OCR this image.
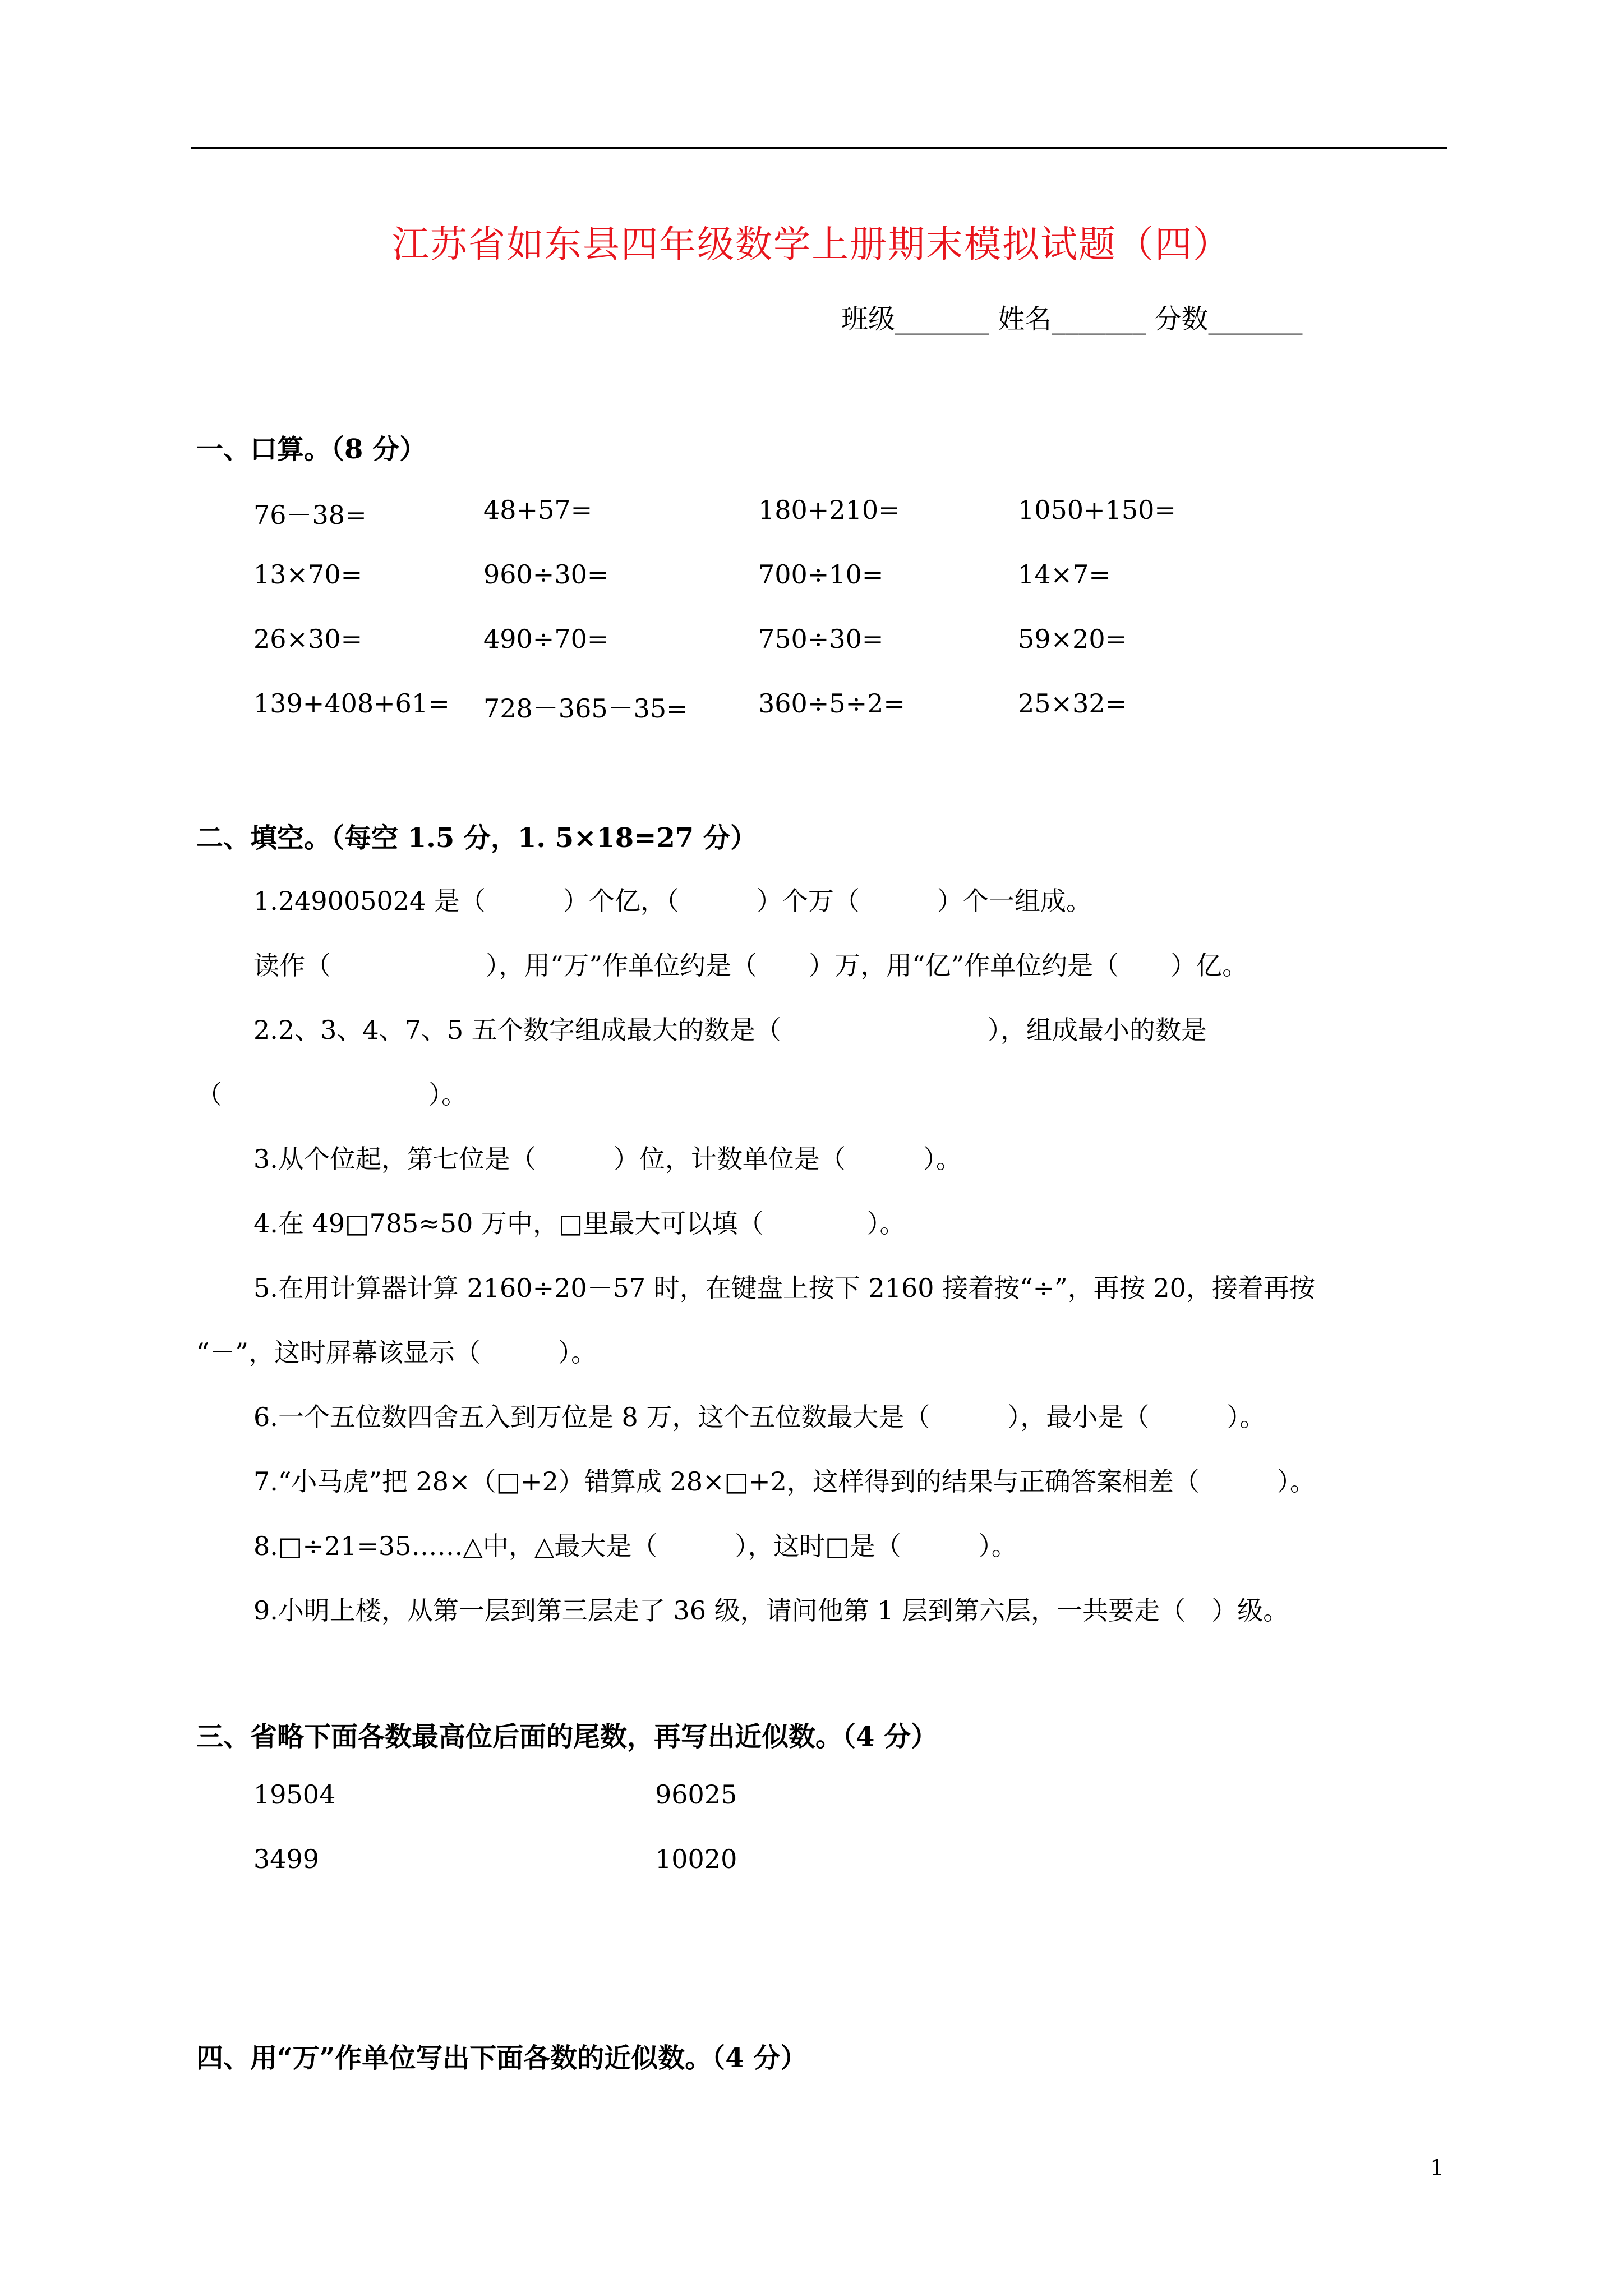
江苏省如东县四年级数学上册期末模拟试题（四）
班级_______ 姓名_______ 分数_______
一、口算。（8 分）
76－38=	48+57=	180+210=	1050+150=
13×70=	960÷30=	700÷10=	14×7=
26×30=	490÷70=	750÷30=	59×20=
139+408+61= 728－365－35=	360÷5÷2=	25×32=
二、填空。（每空 1.5 分，1. 5×18=27 分）
1.249005024 是（　　　）个亿，（　　　）个万（　　　）个一组成。
读作（　　　　　　），用“万”作单位约是（　　）万，用“亿”作单位约是（　　）亿。
2.2、3、4、7、5 五个数字组成最大的数是（　　　　　　　　），组成最小的数是
（　　　　　　　　）。
3.从个位起，第七位是（　　　）位，计数单位是（　　　）。
4.在 49□785≈50 万中，□里最大可以填（　　　　）。
5.在用计算器计算 2160÷20－57 时，在键盘上按下 2160 接着按“÷”，再按 20，接着再按
“－”，这时屏幕该显示（　　　）。
6.一个五位数四舍五入到万位是 8 万，这个五位数最大是（　　　），最小是（　　　）。
7.“小马虎”把 28×（□+2）错算成 28×□+2，这样得到的结果与正确答案相差（　　　）。
8.□÷21=35……△中，△最大是（　　　），这时□是（　　　）。
9.小明上楼，从第一层到第三层走了 36 级，请问他第 1 层到第六层，一共要走（　）级。
三、省略下面各数最高位后面的尾数，再写出近似数。（4 分）
19504	96025
3499	10020
四、用“万”作单位写出下面各数的近似数。（4 分）
1
